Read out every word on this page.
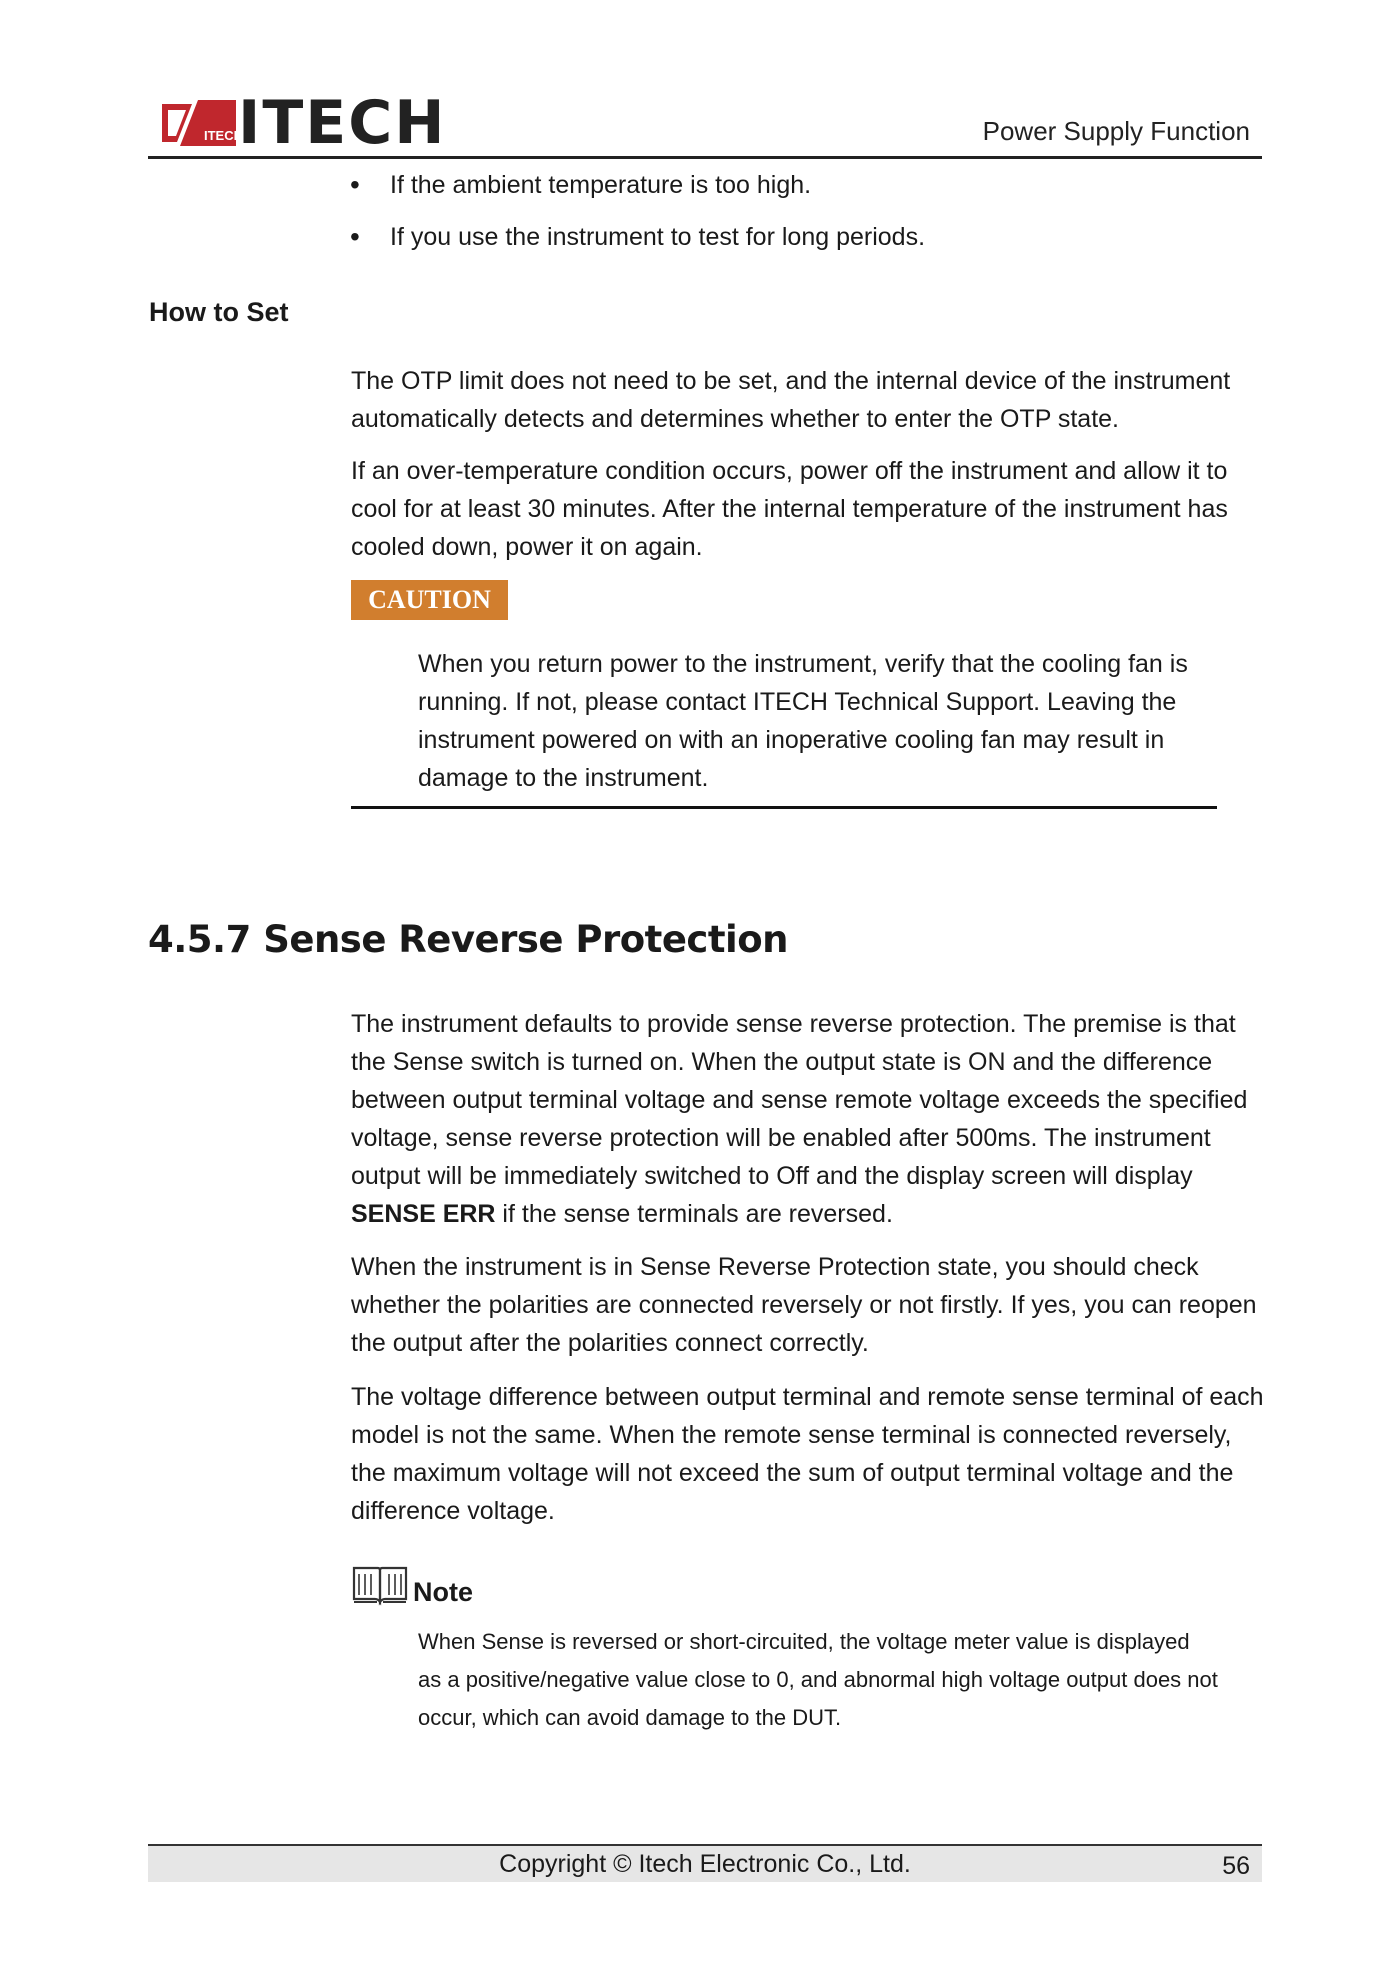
ITECH
ITECH	Power Supply Function
• If the ambient temperature is too high.
• If you use the instrument to test for long periods.
How to Set

The OTP limit does not need to be set, and the internal device of the instrument automatically detects and determines whether to enter the OTP state.

If an over-temperature condition occurs, power off the instrument and allow it to cool for at least 30 minutes. After the internal temperature of the instrument has cooled down, power it on again.

CAUTION

When you return power to the instrument, verify that the cooling fan is running. If not, please contact ITECH Technical Support. Leaving the instrument powered on with an inoperative cooling fan may result in damage to the instrument.

4.5.7 Sense Reverse Protection

The instrument defaults to provide sense reverse protection. The premise is that the Sense switch is turned on. When the output state is ON and the difference between output terminal voltage and sense remote voltage exceeds the specified voltage, sense reverse protection will be enabled after 500ms. The instrument output will be immediately switched to Off and the display screen will display SENSE ERR if the sense terminals are reversed.

When the instrument is in Sense Reverse Protection state, you should check whether the polarities are connected reversely or not firstly. If yes, you can reopen the output after the polarities connect correctly.

The voltage difference between output terminal and remote sense terminal of each model is not the same. When the remote sense terminal is connected reversely, the maximum voltage will not exceed the sum of output terminal voltage and the difference voltage.

Note

When Sense is reversed or short-circuited, the voltage meter value is displayed as a positive/negative value close to 0, and abnormal high voltage output does not occur, which can avoid damage to the DUT.

Copyright © Itech Electronic Co., Ltd.	56
